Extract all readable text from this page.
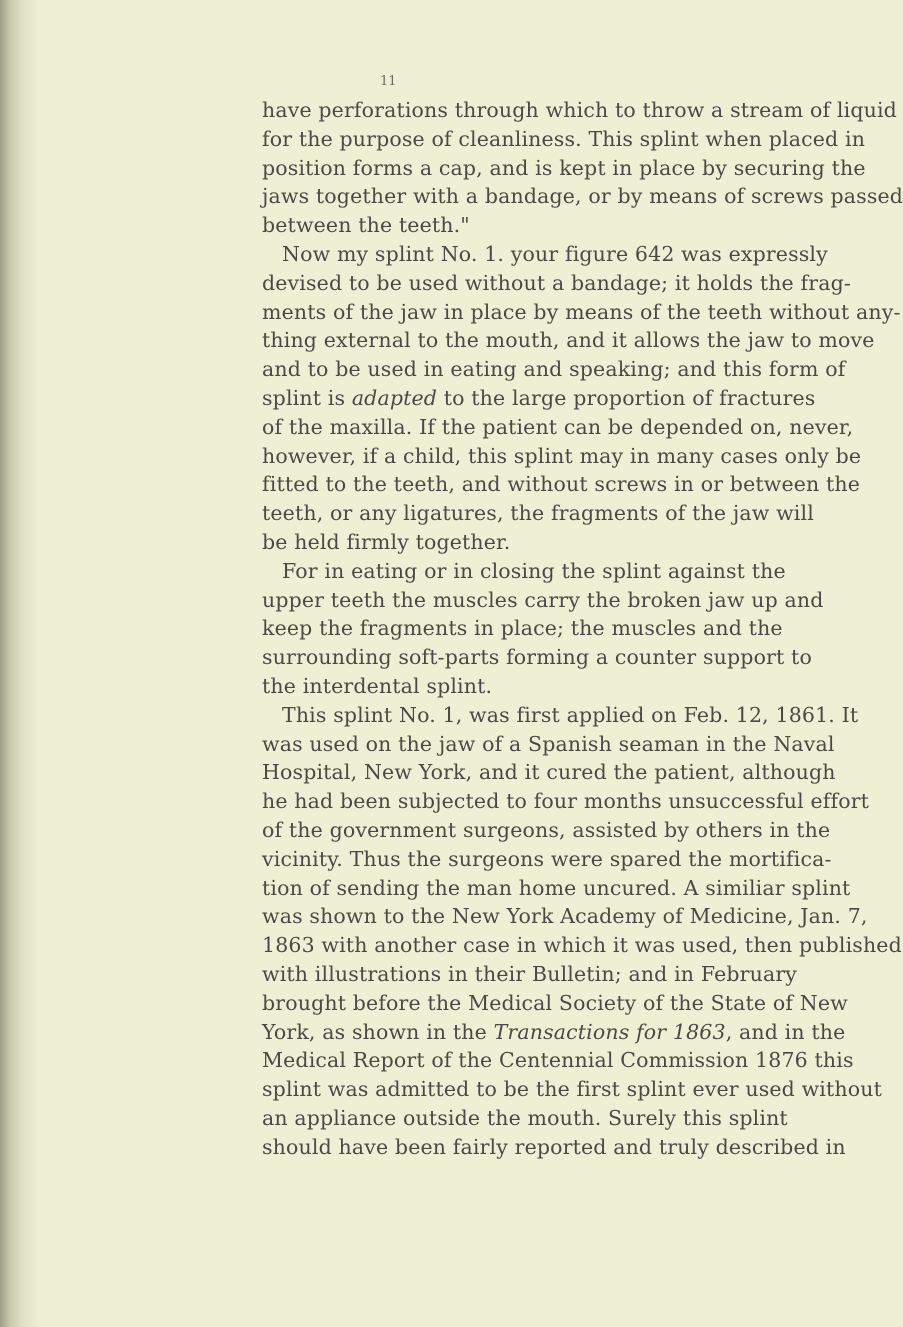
11
have perforations through which to throw a stream of liquid
for the purpose of cleanliness. This splint when placed in
position forms a cap, and is kept in place by securing the
jaws together with a bandage, or by means of screws passed
between the teeth."
Now my splint No. 1. your figure 642 was expressly
devised to be used without a bandage; it holds the frag-
ments of the jaw in place by means of the teeth without any-
thing external to the mouth, and it allows the jaw to move
and to be used in eating and speaking; and this form of
splint is adapted to the large proportion of fractures
of the maxilla. If the patient can be depended on, never,
however, if a child, this splint may in many cases only be
fitted to the teeth, and without screws in or between the
teeth, or any ligatures, the fragments of the jaw will
be held firmly together.
For in eating or in closing the splint against the
upper teeth the muscles carry the broken jaw up and
keep the fragments in place; the muscles and the
surrounding soft-parts forming a counter support to
the interdental splint.
This splint No. 1, was first applied on Feb. 12, 1861. It
was used on the jaw of a Spanish seaman in the Naval
Hospital, New York, and it cured the patient, although
he had been subjected to four months unsuccessful effort
of the government surgeons, assisted by others in the
vicinity. Thus the surgeons were spared the mortifica-
tion of sending the man home uncured. A similiar splint
was shown to the New York Academy of Medicine, Jan. 7,
1863 with another case in which it was used, then published
with illustrations in their Bulletin; and in February
brought before the Medical Society of the State of New
York, as shown in the Transactions for 1863, and in the
Medical Report of the Centennial Commission 1876 this
splint was admitted to be the first splint ever used without
an appliance outside the mouth. Surely this splint
should have been fairly reported and truly described in
